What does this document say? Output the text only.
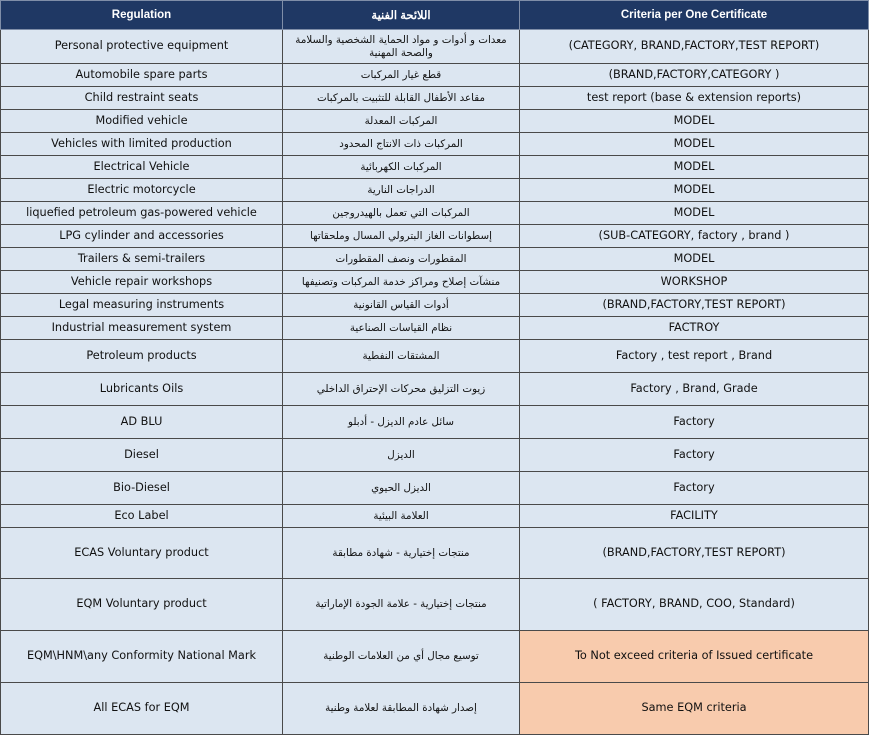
Regulation	اللائحة الفنية	Criteria per One Certificate
Personal protective equipment	معدات و أدوات و مواد الحماية الشخصية والسلامة والصحة المهنية	(CATEGORY, BRAND,FACTORY,TEST REPORT)
Automobile spare parts	قطع غيار المركبات	(BRAND,FACTORY,CATEGORY )
Child restraint seats	مقاعد الأطفال القابلة للتثبيت بالمركبات	test report (base & extension reports)
Modified vehicle	المركبات المعدلة	MODEL
Vehicles with limited production	المركبات ذات الانتاج المحدود	MODEL
Electrical Vehicle	المركبات الكهربائية	MODEL
Electric motorcycle	الدراجات النارية	MODEL
liquefied petroleum gas-powered vehicle	المركبات التي تعمل بالهيدروجين	MODEL
LPG cylinder and accessories	إسطوانات الغاز البترولي المسال وملحقاتها	(SUB-CATEGORY, factory , brand )
Trailers & semi-trailers	المقطورات ونصف المقطورات	MODEL
Vehicle repair workshops	منشآت إصلاح ومراكز خدمة المركبات وتصنيفها	WORKSHOP
Legal measuring instruments	أدوات القياس القانونية	(BRAND,FACTORY,TEST REPORT)
Industrial measurement system	نظام القياسات الصناعية	FACTROY
Petroleum products	المشتقات النفطية	Factory , test report , Brand
Lubricants Oils	زيوت التزليق محركات الإحتراق الداخلي	Factory , Brand, Grade
AD BLU	سائل عادم الديزل - أدبلو	Factory
Diesel	الديزل	Factory
Bio-Diesel	الديزل الحيوي	Factory
Eco Label	العلامة البيئية	FACILITY
ECAS Voluntary product	منتجات إختيارية - شهادة مطابقة	(BRAND,FACTORY,TEST REPORT)
EQM Voluntary product	منتجات إختيارية - علامة الجودة الإماراتية	( FACTORY, BRAND, COO, Standard)
EQM\HNM\any Conformity National Mark	توسيع مجال أي من العلامات الوطنية	To Not exceed criteria of Issued certificate
All ECAS for EQM	إصدار شهادة المطابقة لعلامة وطنية	Same EQM criteria
